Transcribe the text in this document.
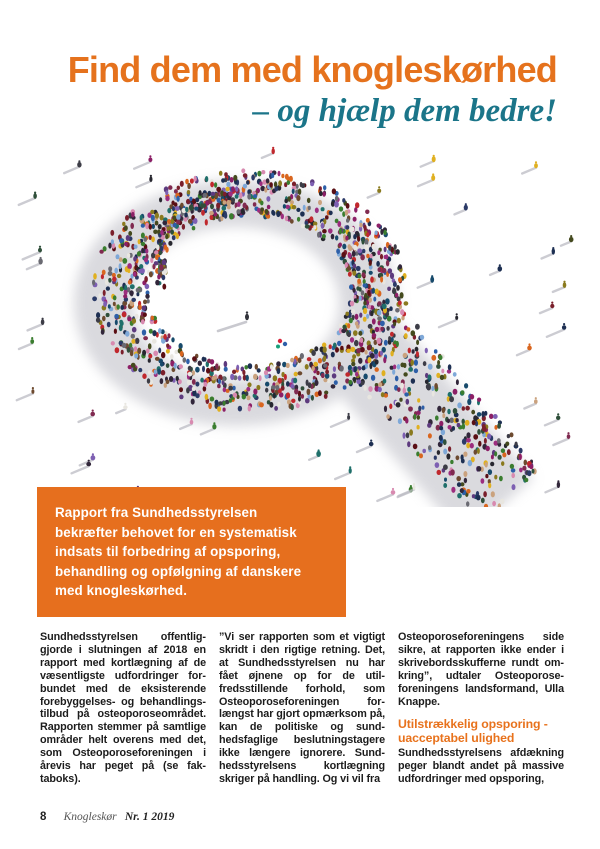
Find dem med knogleskørhed
– og hjælp dem bedre!
Rapport fra Sundhedsstyrelsen
bekræfter behovet for en systematisk
indsats til forbedring af opsporing,
behandling og opfølgning af danskere
med knogleskørhed.

Sundhedsstyrelsen offentliggjorde i slutningen af 2018 en rapport med kortlægning af de væsentligste udfordringer forbundet med de eksisterende forebyggelses- og behandlingstilbud på osteoporoseområdet. Rapporten stemmer på samtlige områder helt overens med det, som Osteoporoseforeningen i årevis har peget på (se faktaboks).

”Vi ser rapporten som et vigtigt skridt i den rigtige retning. Det, at Sundhedsstyrelsen nu har fået øjnene op for de utilfredsstillende forhold, som Osteoporoseforeningen forlængst har gjort opmærksom på, kan de politiske og sundhedsfaglige beslutningstagere ikke længere ignorere. Sundhedsstyrelsens kortlægning skriger på handling. Og vi vil fra

Osteoporoseforeningens side sikre, at rapporten ikke ender i skrivebordsskufferne rundt omkring”, udtaler Osteoporoseforeningens landsformand, Ulla Knappe.

Utilstrækkelig opsporing - uacceptabel ulighed

Sundhedsstyrelsens afdækning peger blandt andet på massive udfordringer med opsporing,

8 Knogleskør Nr. 1 2019
